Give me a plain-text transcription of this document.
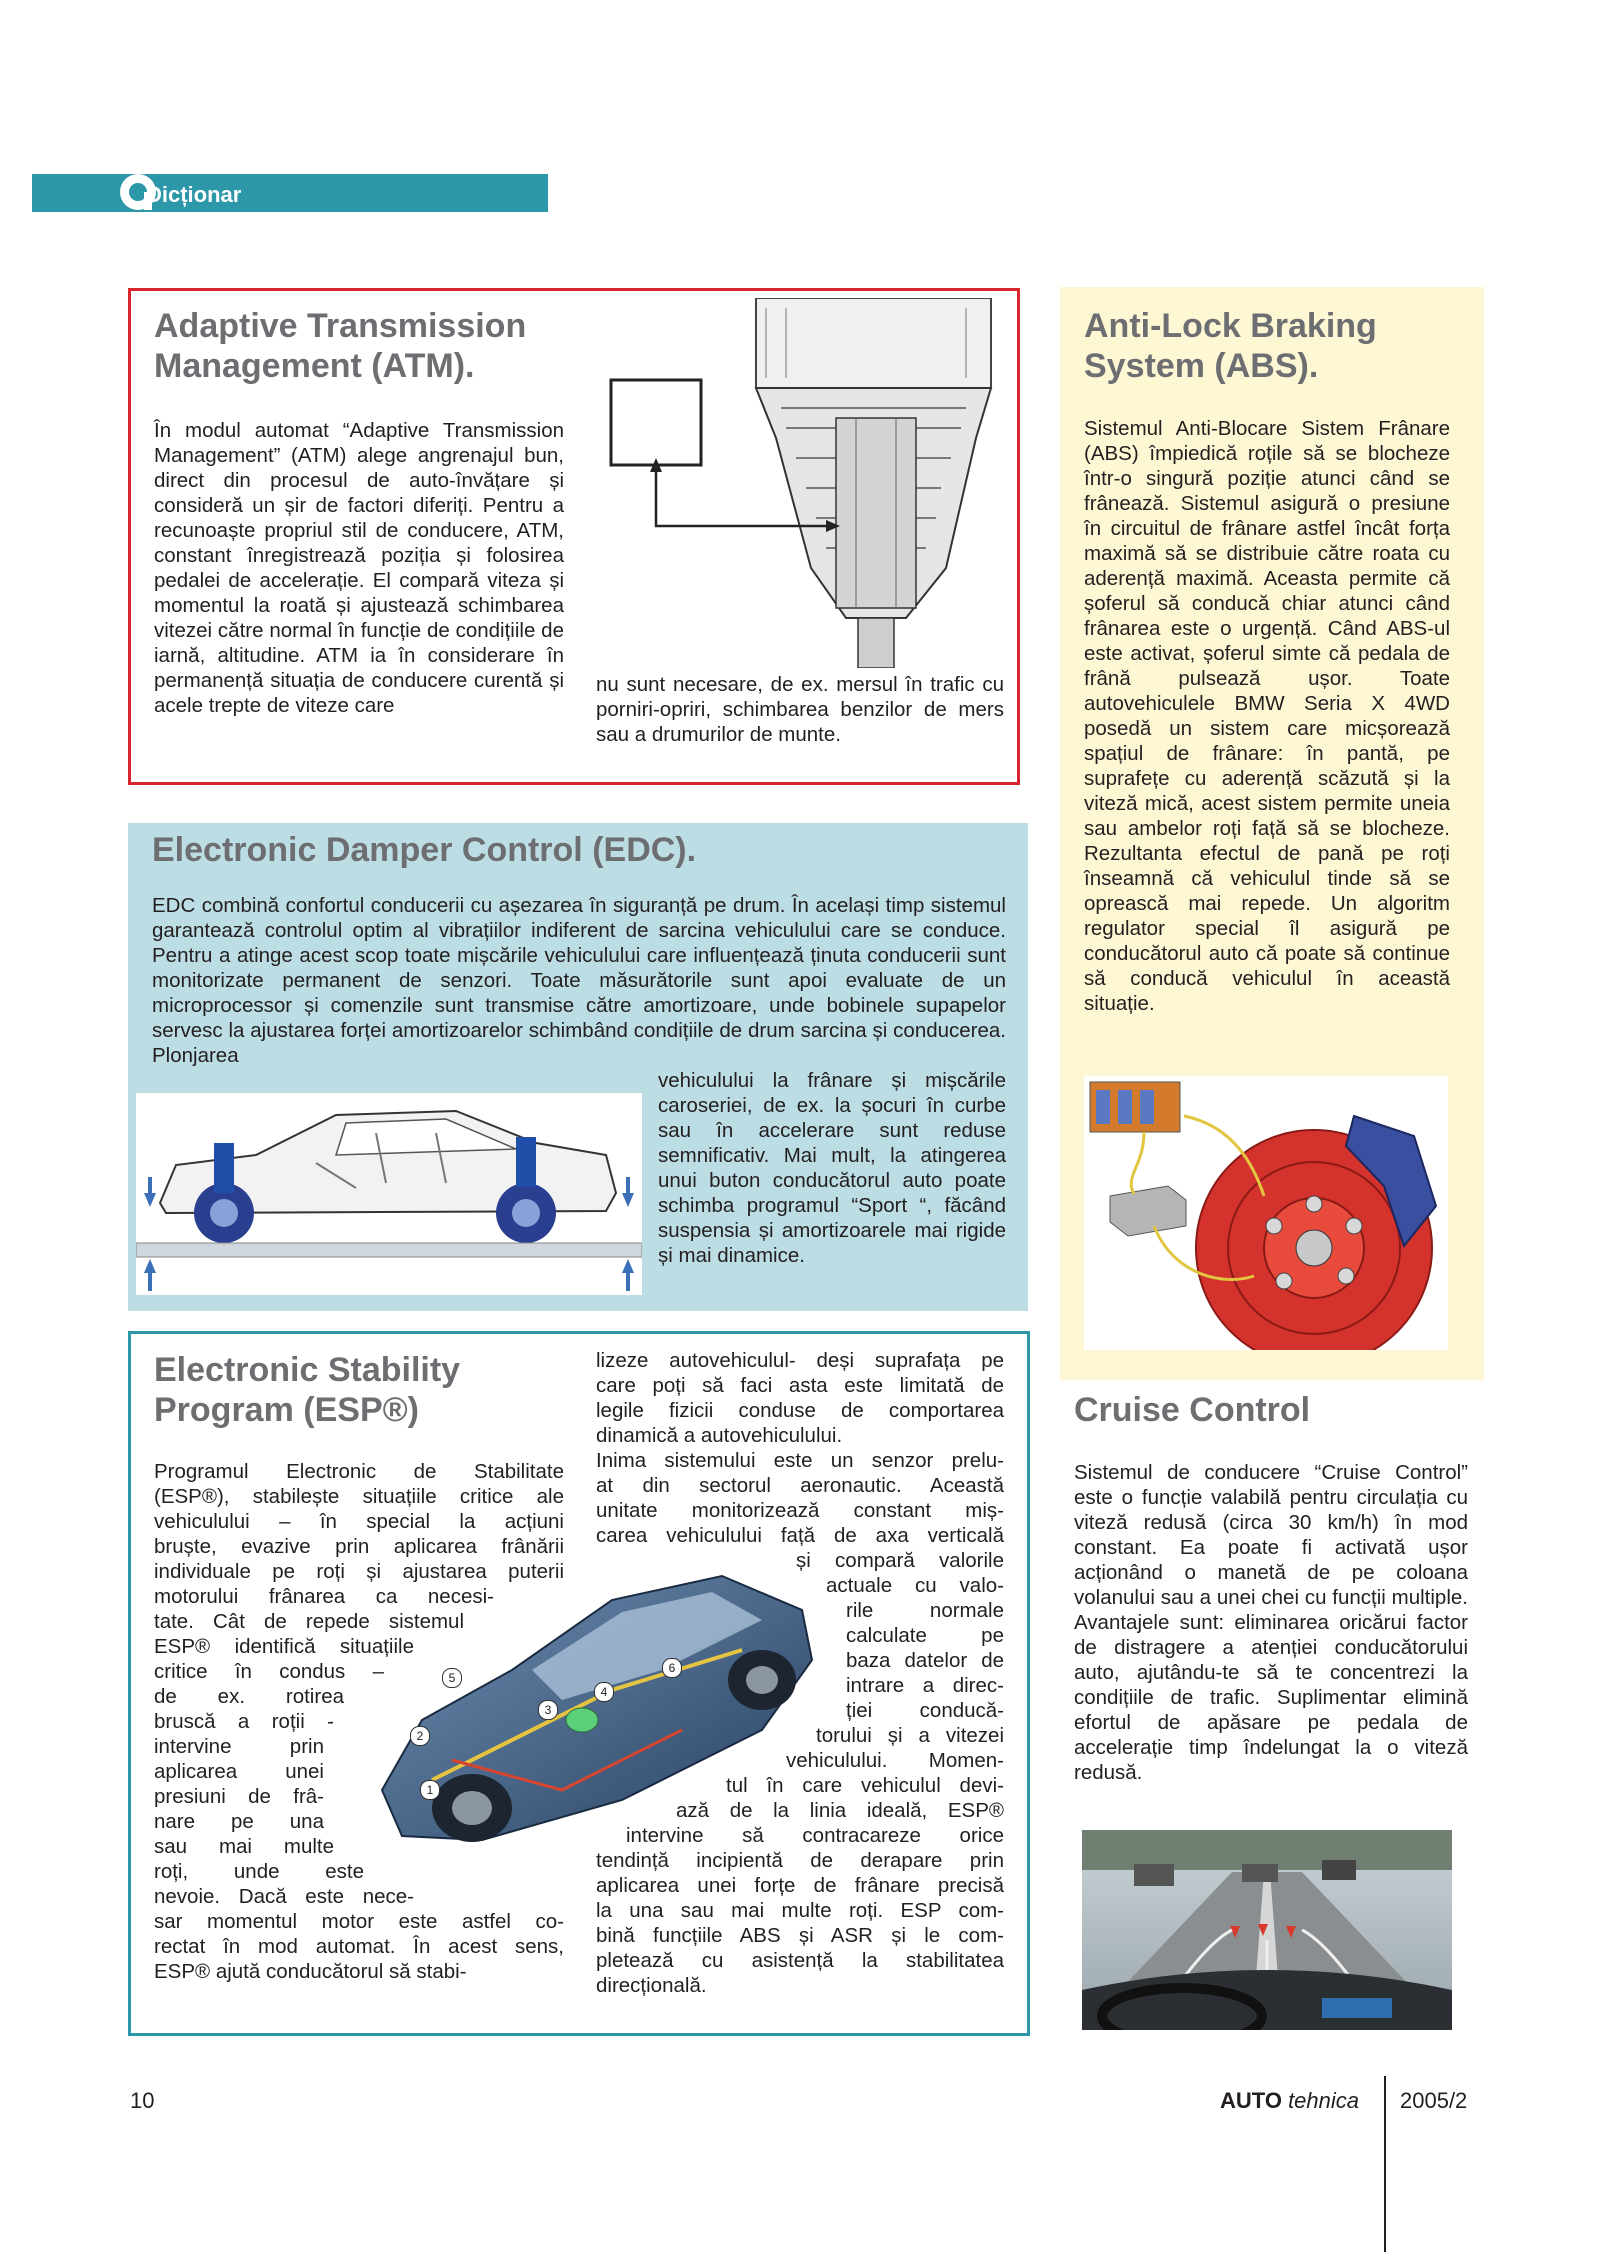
Dicționar
Adaptive Transmission
Management (ATM).

În modul automat “Adaptive Transmission Management” (ATM) alege angrenajul bun, direct din procesul de auto-învățare și consideră un șir de factori diferiți. Pentru a recunoaște propriul stil de conducere, ATM, constant înregistrează poziția și folosirea pedalei de accelerație. El compară viteza și momentul la roată și ajustează schimbarea vitezei către normal în funcție de condițiile de iarnă, altitudine. ATM ia în considerare în permanență situația de conducere curentă și acele trepte de viteze care

nu sunt necesare, de ex. mersul în trafic cu porniri-opriri, schimbarea benzilor de mers sau a drumurilor de munte.

Electronic Damper Control (EDC).

EDC combină confortul conducerii cu așezarea în siguranță pe drum. În același timp sistemul garantează controlul optim al vibrațiilor indiferent de sarcina vehiculului care se conduce. Pentru a atinge acest scop toate mișcările vehiculului care influențează ținuta conducerii sunt monitorizate permanent de senzori. Toate măsurătorile sunt apoi evaluate de un microprocessor și comenzile sunt transmise către amortizoare, unde bobinele supapelor servesc la ajustarea forței amortizoarelor schimbând condițiile de drum sarcina și conducerea. Plonjarea

vehiculului la frânare și mișcările caroseriei, de ex. la șocuri în curbe sau în accelerare sunt reduse semnificativ. Mai mult, la atingerea unui buton conducătorul auto poate schimba programul “Sport “, făcând suspensia și amortizoarele mai rigide și mai dinamice.

Anti-Lock Braking
System (ABS).

Sistemul Anti-Blocare Sistem Frânare (ABS) împiedică roțile să se blocheze într-o singură poziție atunci când se frânează. Sistemul asigură o presiune în circuitul de frânare astfel încât forța maximă să se distribuie către roata cu aderență maximă. Aceasta permite că șoferul să conducă chiar atunci când frânarea este o urgență. Când ABS-ul este activat, șoferul simte că pedala de frână pulsează ușor. Toate autovehiculele BMW Seria X 4WD posedă un sistem care micșorează spațiul de frânare: în pantă, pe suprafețe cu aderență scăzută și la viteză mică, acest sistem permite uneia sau ambelor roți față să se blocheze. Rezultanta efectul de pană pe roți înseamnă că vehiculul tinde să se oprească mai repede. Un algoritm regulator special îl asigură pe conducătorul auto că poate să continue să conducă vehiculul în această situație.

Cruise Control

Sistemul de conducere “Cruise Control” este o funcție valabilă pentru circulația cu viteză redusă (circa 30 km/h) în mod constant. Ea poate fi activată ușor acționând o manetă de pe coloana volanului sau a unei chei cu funcții multiple. Avantajele sunt: eliminarea oricărui factor de distragere a atenției conducătorului auto, ajutându-te să te concentrezi la condițiile de trafic. Suplimentar elimină efortul de apăsare pe pedala de accelerație timp îndelungat la o viteză redusă.

Electronic Stability
Program (ESP®)
1
2
3
4
5
6
Programul Electronic de Stabilitate
(ESP®), stabilește situațiile critice ale
vehiculului – în special la acțiuni
bruște, evazive prin aplicarea frânării
individuale pe roți și ajustarea puterii
motorului frânarea ca necesi-
tate. Cât de repede sistemul
ESP® identifică situațiile
critice în condus –
de ex. rotirea
bruscă a roții -
intervine prin
aplicarea unei
presiuni de frâ-
nare pe una
sau mai multe
roți, unde este
nevoie. Dacă este nece-
sar momentul motor este astfel co-
rectat în mod automat. În acest sens,
ESP® ajută conducătorul să stabi-
lizeze autovehiculul- deși suprafața pe
care poți să faci asta este limitată de
legile fizicii conduse de comportarea
dinamică a autovehiculului.
Inima sistemului este un senzor prelu-
at din sectorul aeronautic. Această
unitate monitorizează constant miș-
carea vehiculului față de axa verticală
și compară valorile
actuale cu valo-
rile normale
calculate pe
baza datelor de
intrare a direc-
ției conducă-
torului și a vitezei
vehiculului. Momen-
tul în care vehiculul devi-
ază de la linia ideală, ESP®
intervine să contracareze orice
tendință incipientă de derapare prin
aplicarea unei forțe de frânare precisă
la una sau mai multe roți. ESP com-
bină funcțiile ABS și ASR și le com-
pletează cu asistență la stabilitatea
direcțională.
10	AUTO tehnica 2005/2
